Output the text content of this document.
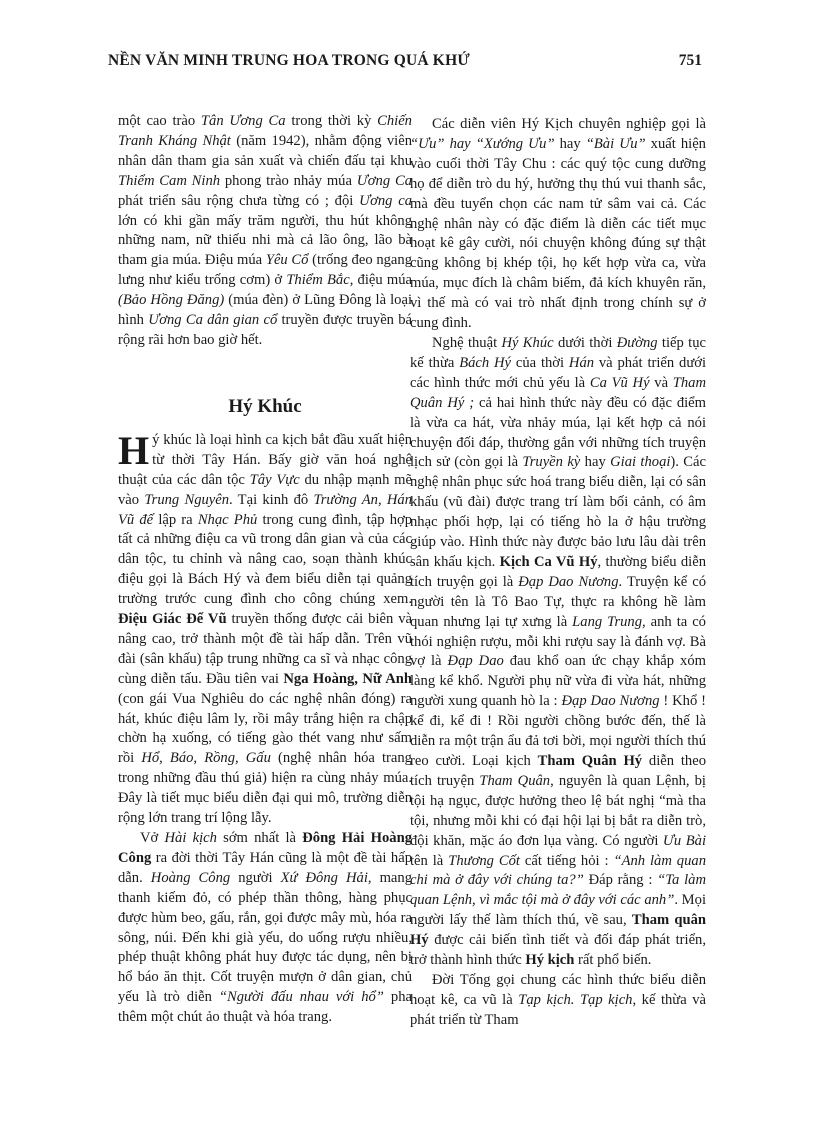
NỀN VĂN MINH TRUNG HOA TRONG QUÁ KHỨ	751

một cao trào Tân Ương Ca trong thời kỳ Chiến Tranh Kháng Nhật (năm 1942), nhằm động viên nhân dân tham gia sản xuất và chiến đấu tại khu Thiểm Cam Ninh phong trào nhảy múa Ương Ca phát triển sâu rộng chưa từng có ; đội Ương ca lớn có khi gần mấy trăm người, thu hút không những nam, nữ thiếu nhi mà cả lão ông, lão bà tham gia múa. Điệu múa Yêu Cổ (trống đeo ngang lưng như kiểu trống cơm) ở Thiểm Bắc, điệu múa (Bảo Hồng Đăng) (múa đèn) ở Lũng Đông là loại hình Ương Ca dân gian cổ truyền được truyền bá rộng rãi hơn bao giờ hết.

Hý Khúc

Hý khúc là loại hình ca kịch bắt đầu xuất hiện từ thời Tây Hán. Bấy giờ văn hoá nghệ thuật của các dân tộc Tây Vực du nhập mạnh mẽ vào Trung Nguyên. Tại kinh đô Trường An, Hán Vũ đế lập ra Nhạc Phủ trong cung đình, tập hợp tất cả những điệu ca vũ trong dân gian và của các dân tộc, tu chỉnh và nâng cao, soạn thành khúc điệu gọi là Bách Hý và đem biểu diễn tại quảng trường trước cung đình cho công chúng xem. Điệu Giác Để Vũ truyền thống được cải biên và nâng cao, trở thành một đề tài hấp dẫn. Trên vũ đài (sân khấu) tập trung những ca sĩ và nhạc công cùng diễn tấu. Đầu tiên vai Nga Hoàng, Nữ Anh (con gái Vua Nghiêu do các nghệ nhân đóng) ra hát, khúc điệu lâm ly, rồi mây trắng hiện ra chập chờn hạ xuống, có tiếng gào thét vang như sấm rồi Hổ, Báo, Rồng, Gấu (nghệ nhân hóa trang trong những đầu thú giả) hiện ra cùng nhảy múa. Đây là tiết mục biểu diễn đại qui mô, trường diễn rộng lớn trang trí lộng lẫy.

Vở Hài kịch sớm nhất là Đông Hải Hoàng Công ra đời thời Tây Hán cũng là một đề tài hấp dẫn. Hoàng Công người Xứ Đông Hải, mang thanh kiếm đỏ, có phép thần thông, hàng phục được hùm beo, gấu, rắn, gọi được mây mù, hóa ra sông, núi. Đến khi già yếu, do uống rượu nhiều, phép thuật không phát huy được tác dụng, nên bị hổ báo ăn thịt. Cốt truyện mượn ở dân gian, chủ yếu là trò diễn “Người đấu nhau với hổ” pha thêm một chút ảo thuật và hóa trang.

Các diễn viên Hý Kịch chuyên nghiệp gọi là “Ưu” hay “Xướng Ưu” hay “Bài Ưu” xuất hiện vào cuối thời Tây Chu : các quý tộc cung dưỡng họ để diễn trò du hý, hưởng thụ thú vui thanh sắc, mà đều tuyển chọn các nam tử sâm vai cả. Các nghệ nhân này có đặc điểm là diễn các tiết mục hoạt kê gây cười, nói chuyện không đúng sự thật cũng không bị khép tội, họ kết hợp vừa ca, vừa múa, mục đích là châm biếm, đả kích khuyên răn, vì thế mà có vai trò nhất định trong chính sự ở cung đình.

Nghệ thuật Hý Khúc dưới thời Đường tiếp tục kế thừa Bách Hý của thời Hán và phát triển dưới các hình thức mới chủ yếu là Ca Vũ Hý và Tham Quân Hý ; cả hai hình thức này đều có đặc điểm là vừa ca hát, vừa nhảy múa, lại kết hợp cả nói chuyện đối đáp, thường gắn với những tích truyện lịch sử (còn gọi là Truyền kỳ hay Giai thoại). Các nghệ nhân phục sức hoá trang biểu diễn, lại có sân khấu (vũ đài) được trang trí làm bối cảnh, có âm nhạc phối hợp, lại có tiếng hò la ở hậu trường giúp vào. Hình thức này được bảo lưu lâu dài trên sân khấu kịch. Kịch Ca Vũ Hý, thường biểu diễn tích truyện gọi là Đạp Dao Nương. Truyện kể có người tên là Tô Bao Tự, thực ra không hề làm quan nhưng lại tự xưng là Lang Trung, anh ta có thói nghiện rượu, mỗi khi rượu say là đánh vợ. Bà vợ là Đạp Dao đau khổ oan ức chạy khắp xóm làng kể khổ. Người phụ nữ vừa đi vừa hát, những người xung quanh hò la : Đạp Dao Nương ! Khổ ! kể đi, kể đi ! Rồi người chồng bước đến, thế là diễn ra một trận ẩu đả tơi bời, mọi người thích thú reo cười. Loại kịch Tham Quân Hý diễn theo tích truyện Tham Quân, nguyên là quan Lệnh, bị tội hạ ngục, được hưởng theo lệ bát nghị “mà tha tội, nhưng mỗi khi có đại hội lại bị bắt ra diễn trò, đội khăn, mặc áo đơn lụa vàng. Có người Ưu Bài tên là Thương Cốt cất tiếng hỏi : “Anh làm quan chi mà ở đây với chúng ta?” Đáp rằng : “Ta làm quan Lệnh, vì mắc tội mà ở đây với các anh”. Mọi người lấy thế làm thích thú, về sau, Tham quân Hý được cải biến tình tiết và đối đáp phát triển, trở thành hình thức Hý kịch rất phổ biến.

Đời Tống gọi chung các hình thức biểu diễn hoạt kê, ca vũ là Tạp kịch. Tạp kịch, kế thừa và phát triển từ Tham
